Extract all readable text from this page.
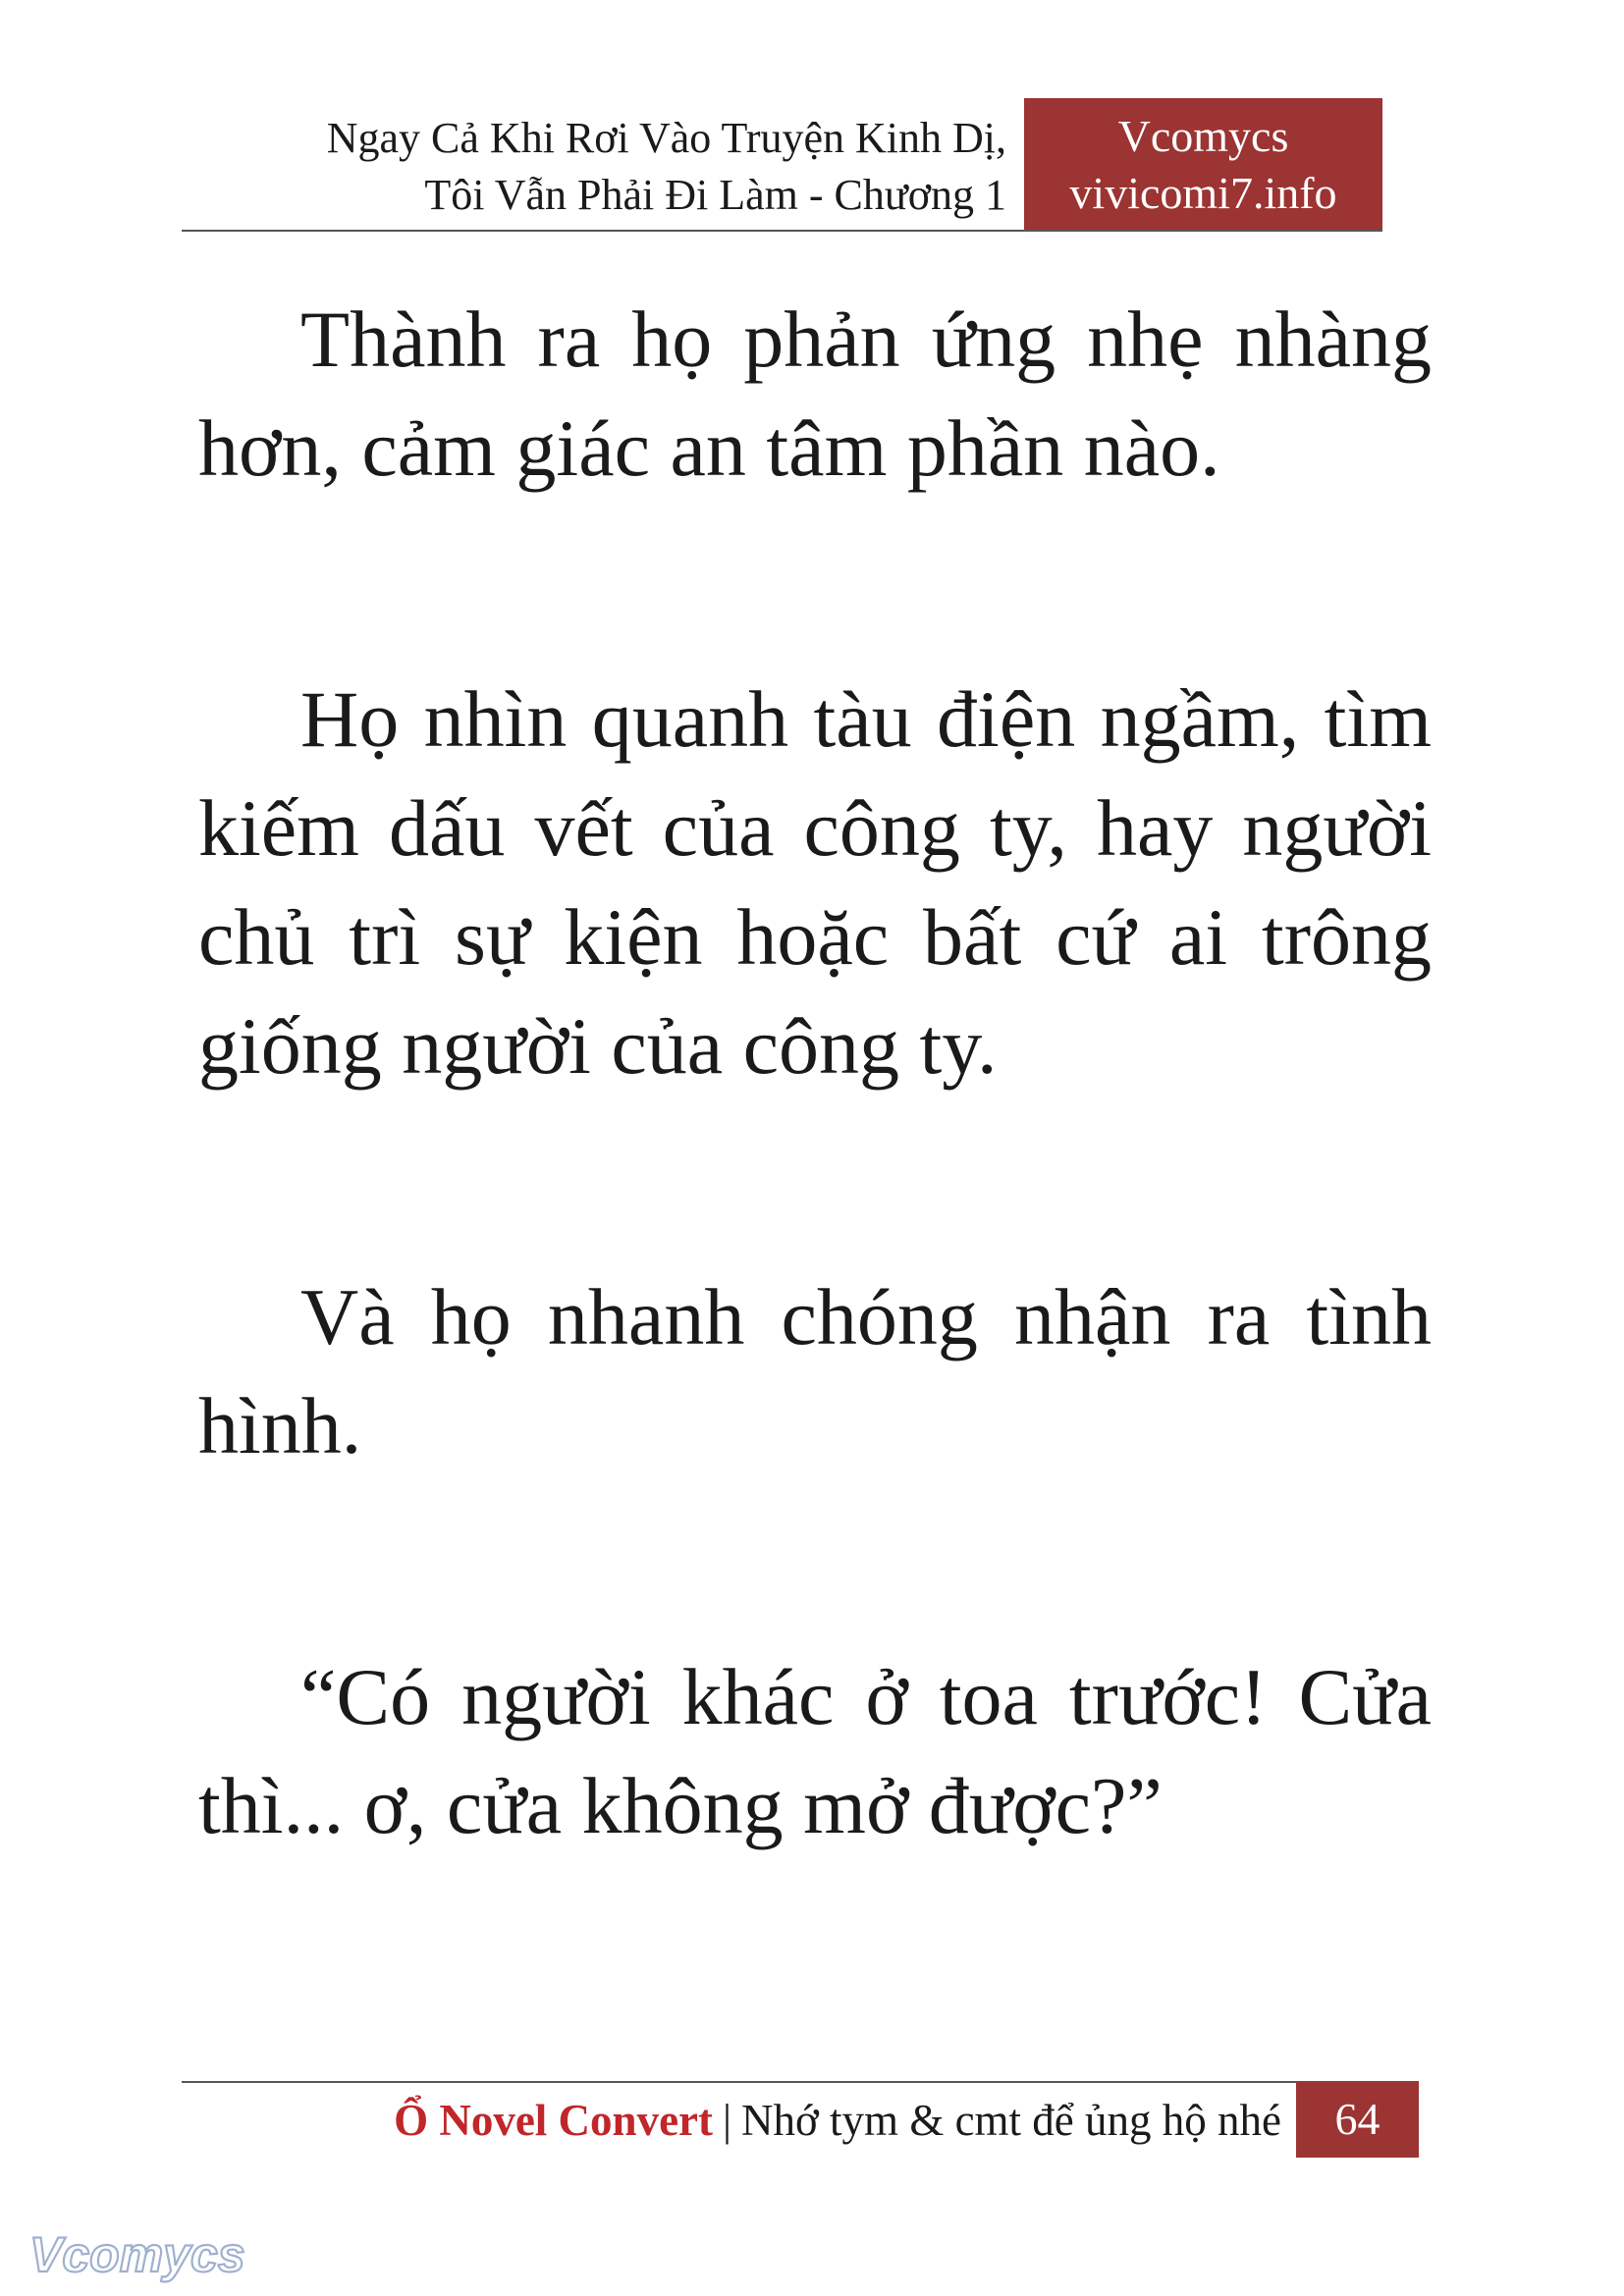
Ngay Cả Khi Rơi Vào Truyện Kinh Dị,
Tôi Vẫn Phải Đi Làm - Chương 1
Vcomycs
vivicomi7.info

Thành ra họ phản ứng nhẹ nhàng hơn, cảm giác an tâm phần nào.

Họ nhìn quanh tàu điện ngầm, tìm kiếm dấu vết của công ty, hay người chủ trì sự kiện hoặc bất cứ ai trông giống người của công ty.

Và họ nhanh chóng nhận ra tình hình.

“Có người khác ở toa trước! Cửa thì... ơ, cửa không mở được?”

Ổ Novel Convert | Nhớ tym & cmt để ủng hộ nhé	64
Vcomycs
